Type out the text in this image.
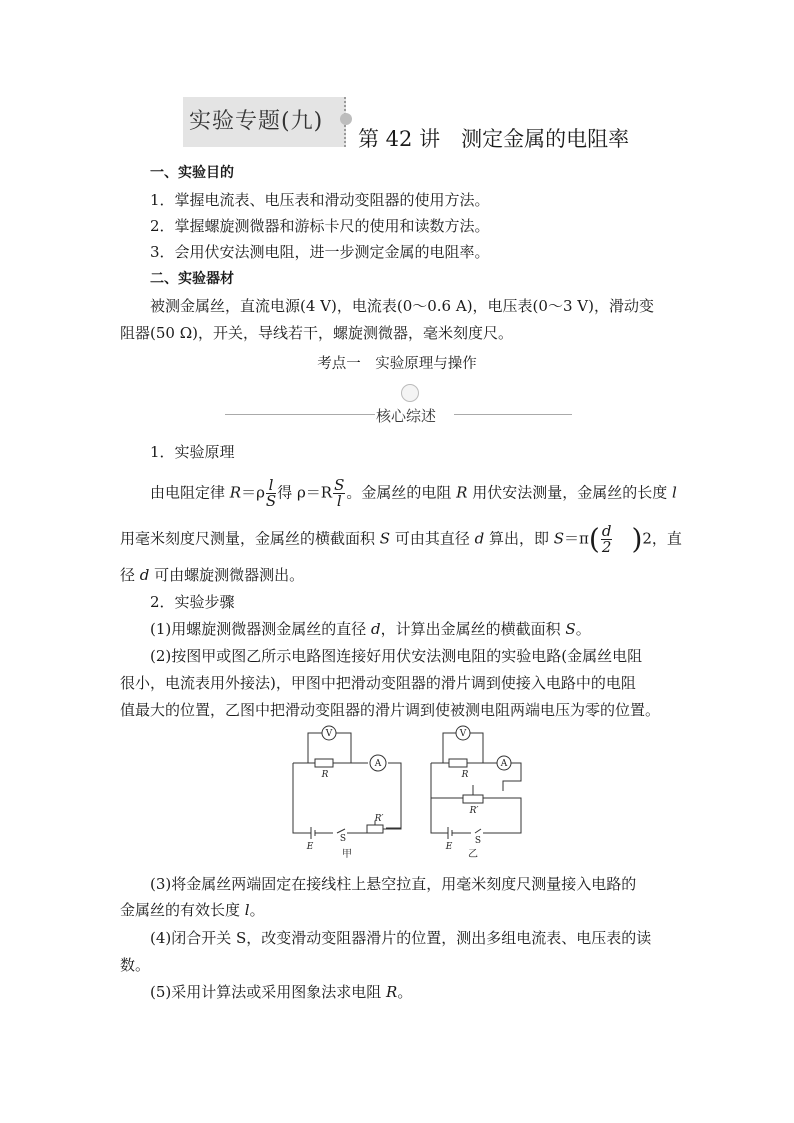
实验专题(九)
第 42 讲　测定金属的电阻率
一、实验目的
1．掌握电流表、电压表和滑动变阻器的使用方法。
2．掌握螺旋测微器和游标卡尺的使用和读数方法。
3．会用伏安法测电阻，进一步测定金属的电阻率。
二、实验器材
被测金属丝，直流电源(4 V)，电流表(0～0.6 A)，电压表(0～3 V)，滑动变
阻器(50 Ω)，开关，导线若干，螺旋测微器，毫米刻度尺。
考点一　实验原理与操作
核心综述
1．实验原理
由电阻定律 $R=\rho \frac{l}{S}$ 得 $\rho=R \frac{S}{l}$ 。金属丝的电阻 R 用伏安法测量，金属丝的长度 l
用毫米刻度尺测量，金属丝的横截面积 S 可由其直径 d 算出，即 $S=\pi( \frac{d}{2} )2$，直
径 d 可由螺旋测微器测出。
2．实验步骤
(1)用螺旋测微器测金属丝的直径 d，计算出金属丝的横截面积 S。
(2)按图甲或图乙所示电路图连接好用伏安法测电阻的实验电路(金属丝电阻
很小，电流表用外接法)，甲图中把滑动变阻器的滑片调到使接入电路中的电阻
值最大的位置，乙图中把滑动变阻器的滑片调到使被测电阻两端电压为零的位置。
V
A
R
R′
E
S
甲
V
A
R
R′
E
S
乙
(3)将金属丝两端固定在接线柱上悬空拉直，用毫米刻度尺测量接入电路的
金属丝的有效长度 l。
(4)闭合开关 S，改变滑动变阻器滑片的位置，测出多组电流表、电压表的读
数。
(5)采用计算法或采用图象法求电阻 R。
